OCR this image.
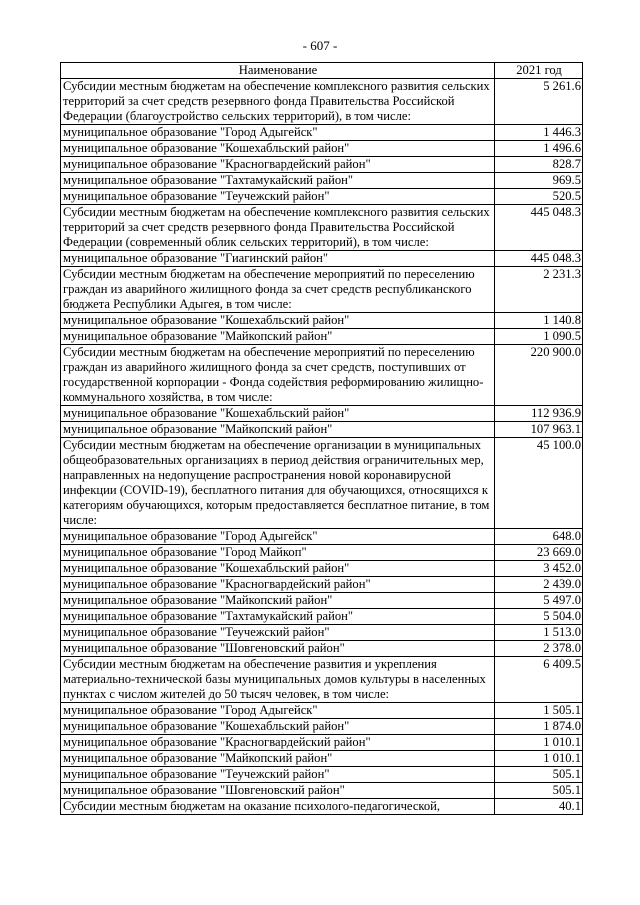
- 607 -
Наименование	2021 год
Субсидии местным бюджетам на обеспечение комплексного развития сельских территорий за счет средств резервного фонда Правительства Российской Федерации (благоустройство сельских территорий), в том числе:	5 261.6
муниципальное образование "Город Адыгейск"	1 446.3
муниципальное образование "Кошехабльский район"	1 496.6
муниципальное образование "Красногвардейский район"	828.7
муниципальное образование "Тахтамукайский район"	969.5
муниципальное образование "Теучежский район"	520.5
Субсидии местным бюджетам на обеспечение комплексного развития сельских территорий за счет средств резервного фонда Правительства Российской Федерации (современный облик сельских территорий), в том числе:	445 048.3
муниципальное образование "Гиагинский район"	445 048.3
Субсидии местным бюджетам на обеспечение мероприятий по переселению граждан из аварийного жилищного фонда за счет средств республиканского бюджета Республики Адыгея, в том числе:	2 231.3
муниципальное образование "Кошехабльский район"	1 140.8
муниципальное образование "Майкопский район"	1 090.5
Субсидии местным бюджетам на обеспечение мероприятий по переселению граждан из аварийного жилищного фонда за счет средств, поступивших от государственной корпорации - Фонда содействия реформированию жилищно-коммунального хозяйства, в том числе:	220 900.0
муниципальное образование "Кошехабльский район"	112 936.9
муниципальное образование "Майкопский район"	107 963.1
Субсидии местным бюджетам на обеспечение организации в муниципальных общеобразовательных организациях в период действия ограничительных мер, направленных на недопущение распространения новой коронавирусной инфекции (COVID-19), бесплатного питания для обучающихся, относящихся к категориям обучающихся, которым предоставляется бесплатное питание, в том числе:	45 100.0
муниципальное образование "Город Адыгейск"	648.0
муниципальное образование "Город Майкоп"	23 669.0
муниципальное образование "Кошехабльский район"	3 452.0
муниципальное образование "Красногвардейский район"	2 439.0
муниципальное образование "Майкопский район"	5 497.0
муниципальное образование "Тахтамукайский район"	5 504.0
муниципальное образование "Теучежский район"	1 513.0
муниципальное образование "Шовгеновский район"	2 378.0
Субсидии местным бюджетам на обеспечение развития и укрепления материально-технической базы муниципальных домов культуры в населенных пунктах с числом жителей до 50 тысяч человек, в том числе:	6 409.5
муниципальное образование "Город Адыгейск"	1 505.1
муниципальное образование "Кошехабльский район"	1 874.0
муниципальное образование "Красногвардейский район"	1 010.1
муниципальное образование "Майкопский район"	1 010.1
муниципальное образование "Теучежский район"	505.1
муниципальное образование "Шовгеновский район"	505.1
Субсидии местным бюджетам на оказание психолого-педагогической,	40.1
